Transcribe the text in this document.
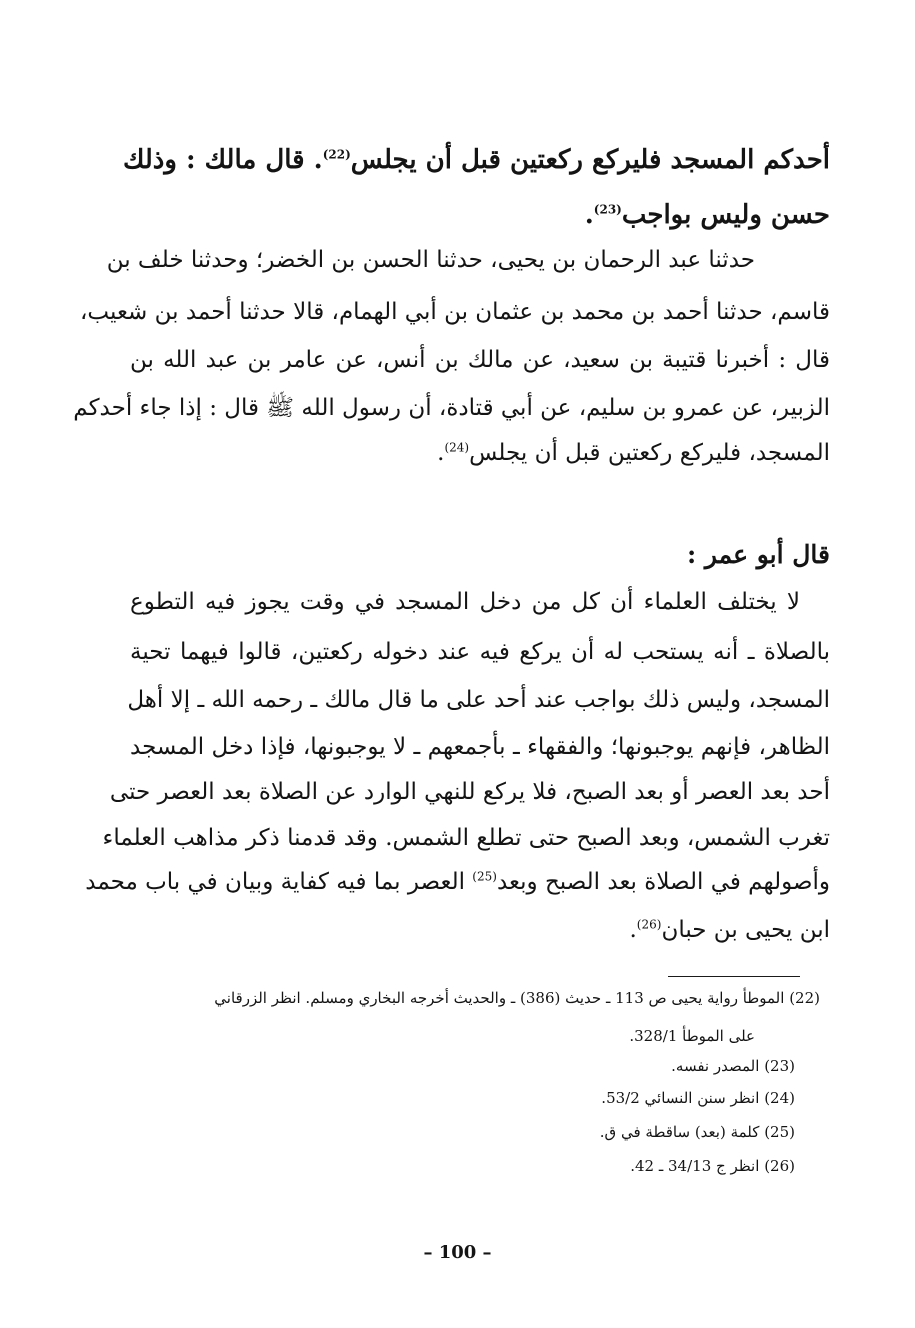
أحدكم المسجد فليركع ركعتين قبل أن يجلس$^{(22)}$. قال مالك : وذلك
حسن وليس بواجب$^{(23)}$.
حدثنا عبد الرحمان بن يحيى، حدثنا الحسن بن الخضر؛ وحدثنا خلف بن
قاسم، حدثنا أحمد بن محمد بن عثمان بن أبي الهمام، قالا حدثنا أحمد بن شعيب،
قال : أخبرنا قتيبة بن سعيد، عن مالك بن أنس، عن عامر بن عبد الله بن
الزبير، عن عمرو بن سليم، عن أبي قتادة، أن رسول الله ﷺ قال : إذا جاء أحدكم
المسجد، فليركع ركعتين قبل أن يجلس$^{(24)}$.
قال أبو عمر :
لا يختلف العلماء أن كل من دخل المسجد في وقت يجوز فيه التطوع
بالصلاة ـ أنه يستحب له أن يركع فيه عند دخوله ركعتين، قالوا فيهما تحية
المسجد، وليس ذلك بواجب عند أحد على ما قال مالك ـ رحمه الله ـ إلا أهل
الظاهر، فإنهم يوجبونها؛ والفقهاء ـ بأجمعهم ـ لا يوجبونها، فإذا دخل المسجد
أحد بعد العصر أو بعد الصبح، فلا يركع للنهي الوارد عن الصلاة بعد العصر حتى
تغرب الشمس، وبعد الصبح حتى تطلع الشمس. وقد قدمنا ذكر مذاهب العلماء
وأصولهم في الصلاة بعد الصبح وبعد$^{(25)}$ العصر بما فيه كفاية وبيان في باب محمد
ابن يحيى بن حبان$^{(26)}$.
(22) الموطأ رواية يحيى ص 113 ـ حديث (386) ـ والحديث أخرجه البخاري ومسلم. انظر الزرقاني
على الموطأ 328/1.
(23) المصدر نفسه.
(24) انظر سنن النسائي 53/2.
(25) كلمة (بعد) ساقطة في ق.
(26) انظر ج 34/13 ـ 42.
– 100 –
